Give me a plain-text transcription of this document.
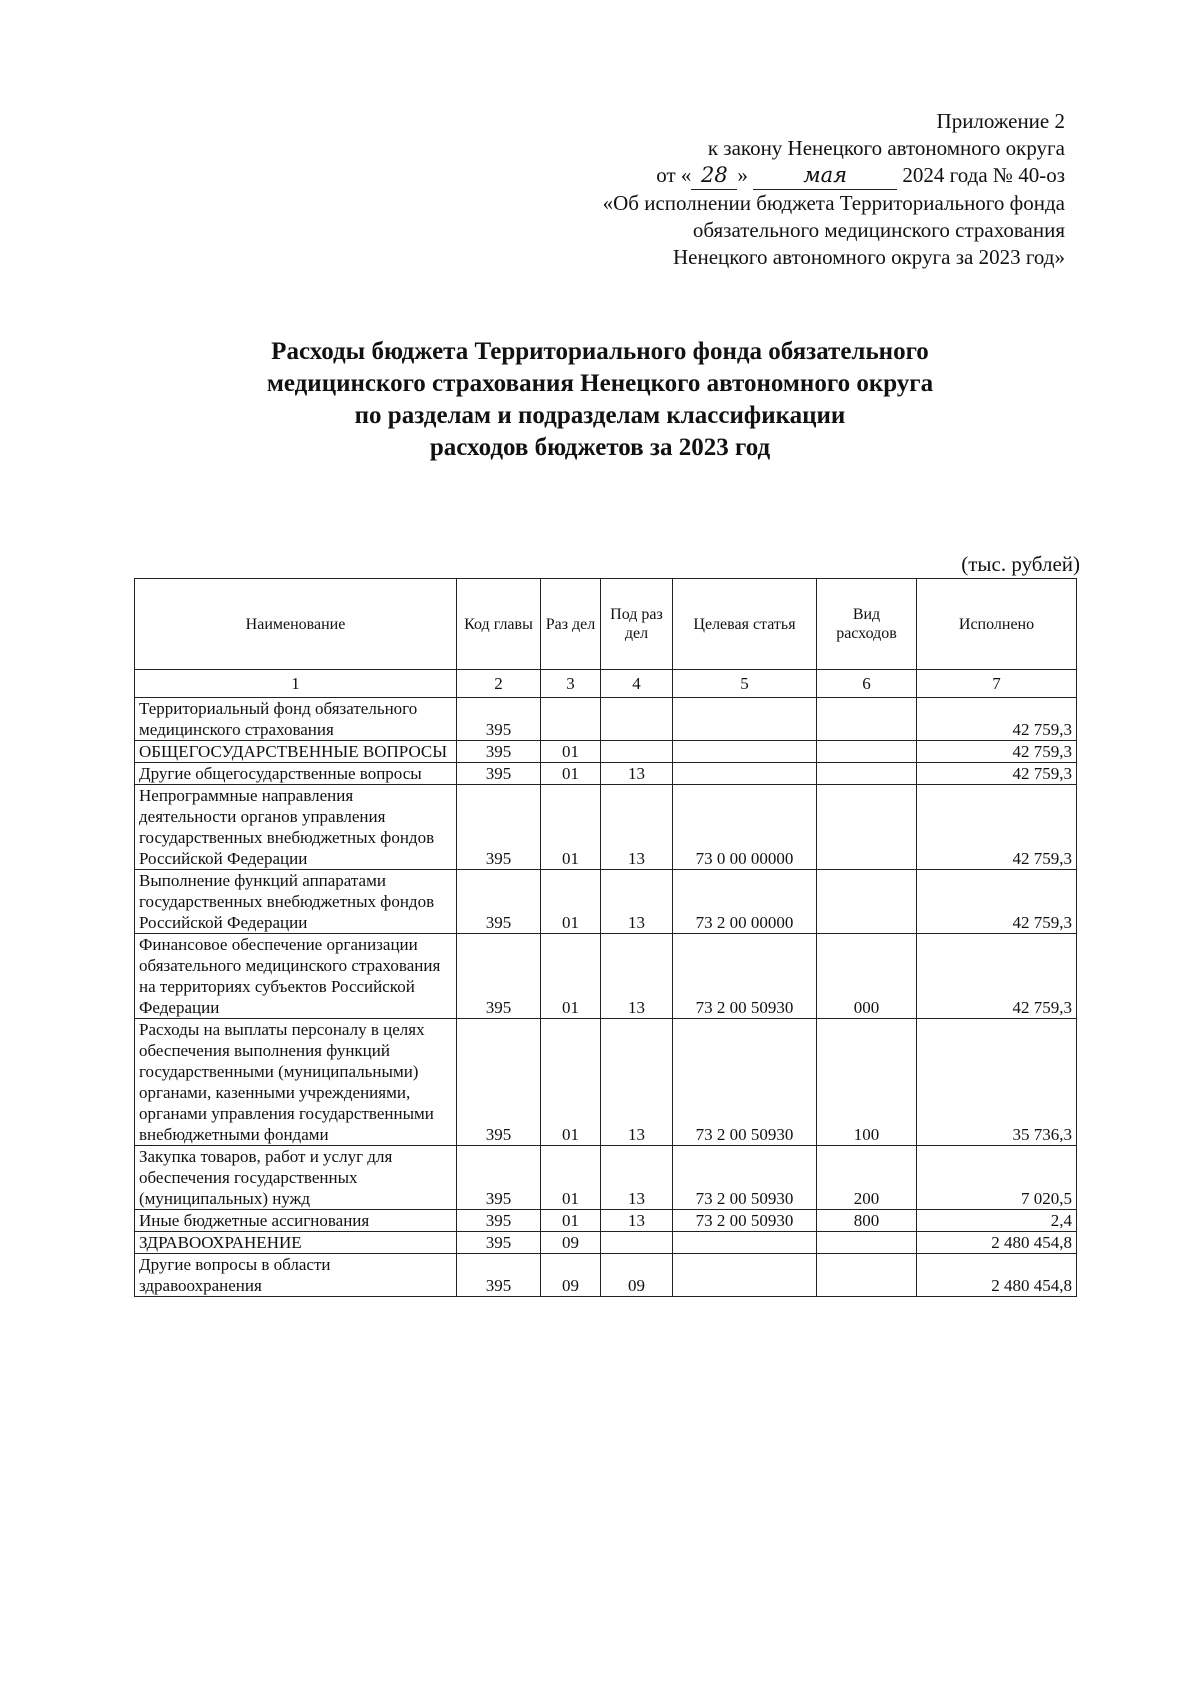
Приложение 2
к закону Ненецкого автономного округа
от « 28 »	мая	2024 года № 40-оз
«Об исполнении бюджета Территориального фонда
обязательного медицинского страхования
Ненецкого автономного округа за 2023 год»
Расходы бюджета Территориального фонда обязательного
медицинского страхования Ненецкого автономного округа
по разделам и подразделам классификации
расходов бюджетов за 2023 год
(тыс. рублей)
Наименование	Код главы	Раз дел	Под раз дел	Целевая статья	Вид расходов	Исполнено
1	2	3	4	5	6	7
Территориальный фонд обязательного медицинского страхования	395					42 759,3
ОБЩЕГОСУДАРСТВЕННЫЕ ВОПРОСЫ	395	01				42 759,3
Другие общегосударственные вопросы	395	01	13			42 759,3
Непрограммные направления деятельности органов управления государственных внебюджетных фондов Российской Федерации	395	01	13	73 0 00 00000		42 759,3
Выполнение функций аппаратами государственных внебюджетных фондов Российской Федерации	395	01	13	73 2 00 00000		42 759,3
Финансовое обеспечение организации обязательного медицинского страхования на территориях субъектов Российской Федерации	395	01	13	73 2 00 50930	000	42 759,3
Расходы на выплаты персоналу в целях обеспечения выполнения функций государственными (муниципальными) органами, казенными учреждениями, органами управления государственными внебюджетными фондами	395	01	13	73 2 00 50930	100	35 736,3
Закупка товаров, работ и услуг для обеспечения государственных (муниципальных) нужд	395	01	13	73 2 00 50930	200	7 020,5
Иные бюджетные ассигнования	395	01	13	73 2 00 50930	800	2,4
ЗДРАВООХРАНЕНИЕ	395	09				2 480 454,8
Другие вопросы в области здравоохранения	395	09	09			2 480 454,8
